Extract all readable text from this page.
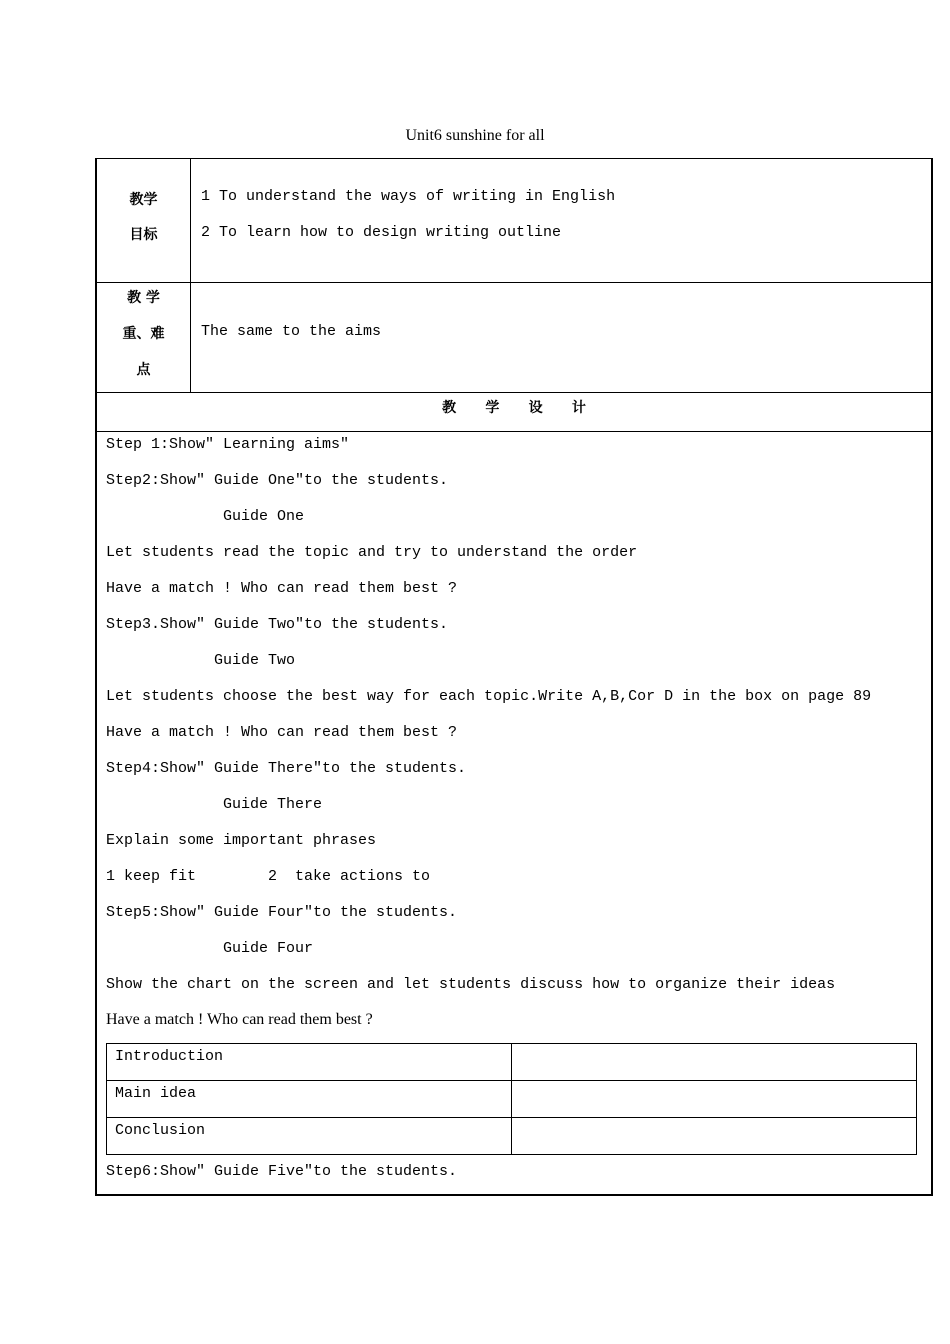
Unit6 sunshine for all
教学
目标
1 To understand the ways of writing in English
2 To learn how to design writing outline
教 学
重、难
点
The same to the aims
教      学      设      计
Step 1:Show″ Learning aims″
Step2:Show″ Guide One″to the students.
Guide One
Let students read the topic and try to understand the order
Have a match ! Who can read them best ?
Step3.Show″ Guide Two″to the students.
Guide Two
Let students choose the best way for each topic.Write A,B,Cor D in the box on page 89
Have a match ! Who can read them best ?
Step4:Show″ Guide There″to the students.
Guide There
Explain some important phrases
1 keep fit        2  take actions to
Step5:Show″ Guide Four″to the students.
Guide Four
Show the chart on the screen and let students discuss how to organize their ideas
Have a match ! Who can read them best ?
Introduction	
Main idea	
Conclusion	
Step6:Show″ Guide Five″to the students.
